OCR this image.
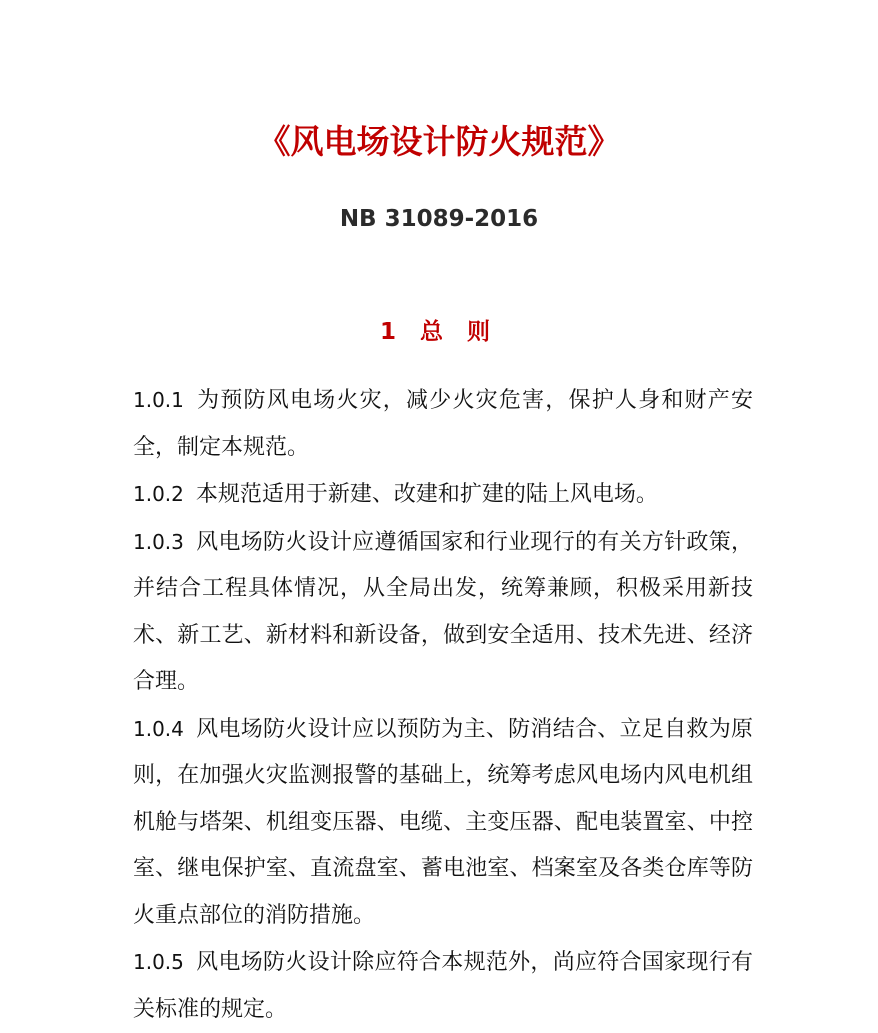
《风电场设计防火规范》
NB 31089-2016
1 总 则

1.0.1 为预防风电场火灾，减少火灾危害，保护人身和财产安全，制定本规范。

1.0.2 本规范适用于新建、改建和扩建的陆上风电场。

1.0.3 风电场防火设计应遵循国家和行业现行的有关方针政策，并结合工程具体情况，从全局出发，统筹兼顾，积极采用新技术、新工艺、新材料和新设备，做到安全适用、技术先进、经济合理。

1.0.4 风电场防火设计应以预防为主、防消结合、立足自救为原则，在加强火灾监测报警的基础上，统筹考虑风电场内风电机组机舱与塔架、机组变压器、电缆、主变压器、配电装置室、中控室、继电保护室、直流盘室、蓄电池室、档案室及各类仓库等防火重点部位的消防措施。

1.0.5 风电场防火设计除应符合本规范外，尚应符合国家现行有关标准的规定。
